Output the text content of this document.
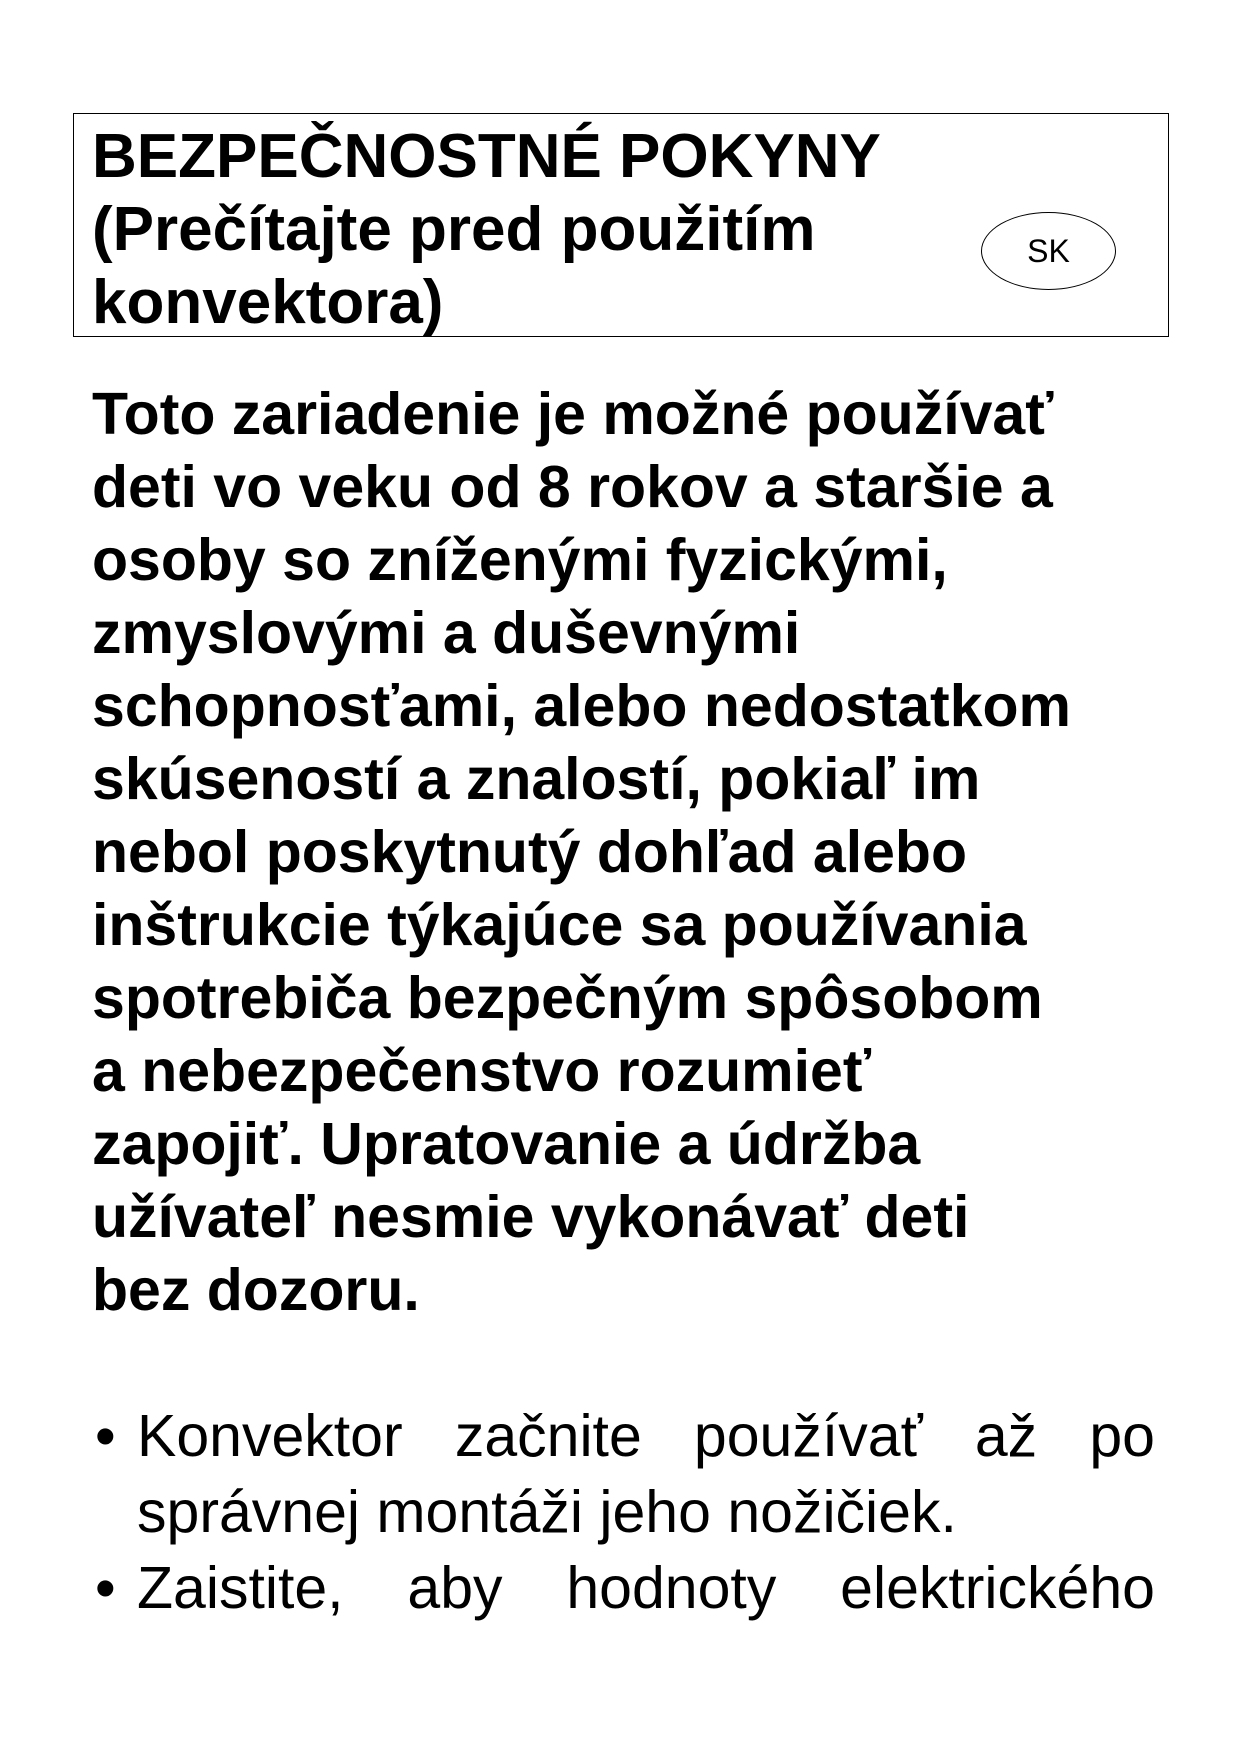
BEZPEČNOSTNÉ POKYNY
(Prečítajte pred použitím
konvektora)
SK
Toto zariadenie je možné používať
deti vo veku od 8 rokov a staršie a
osoby so zníženými fyzickými,
zmyslovými a duševnými
schopnosťami, alebo nedostatkom
skúseností a znalostí, pokiaľ im
nebol poskytnutý dohľad alebo
inštrukcie týkajúce sa používania
spotrebiča bezpečným spôsobom
a nebezpečenstvo rozumieť
zapojiť. Upratovanie a údržba
užívateľ nesmie vykonávať deti
bez dozoru.
• Konvektor začnite používať až po
správnej montáži jeho nožičiek.
• Zaistite, aby hodnoty elektrického
